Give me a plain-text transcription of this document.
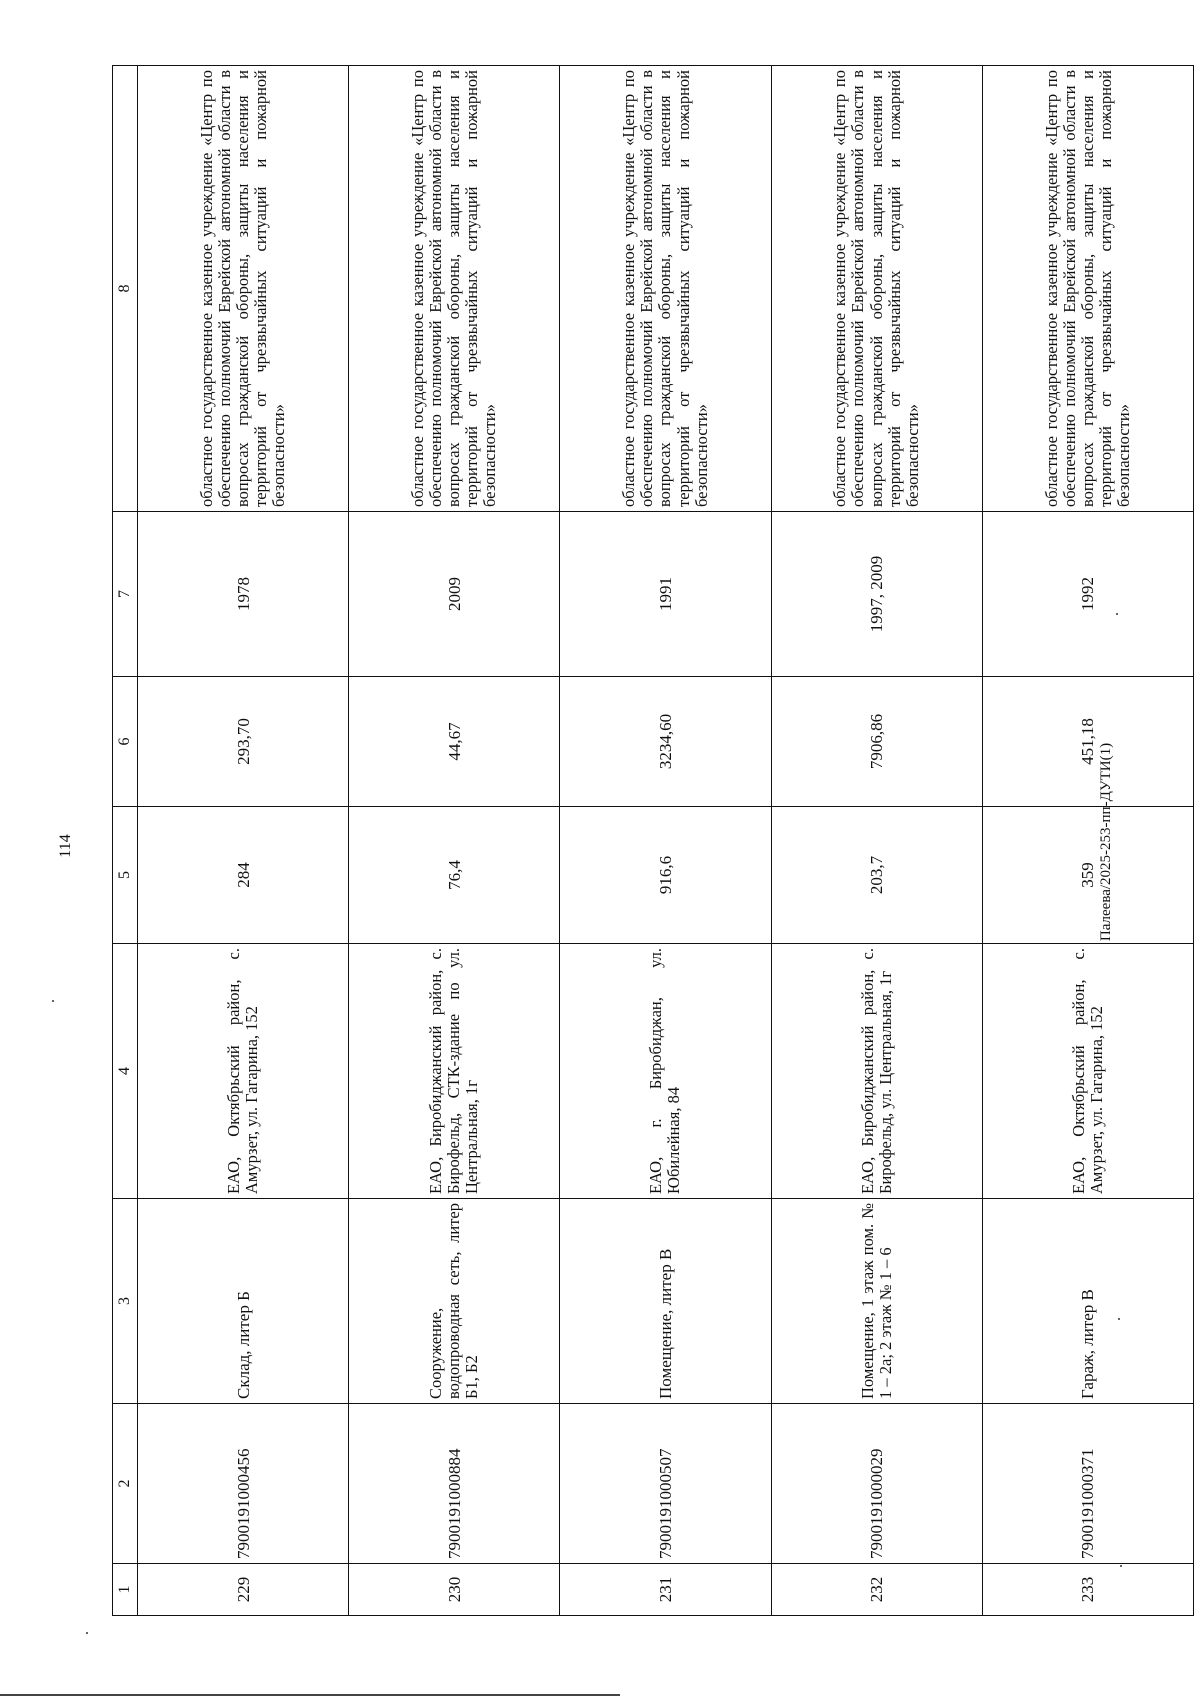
114
1	2	3	4	5	6	7	8
229	7900191000456	Склад, литер Б	ЕАО, Октябрьский район, с. Амурзет, ул. Гагарина, 152	284	293,70	1978	областное государственное казенное учреждение «Центр по обеспечению полномочий Еврейской автономной области в вопросах гражданской обороны, защиты населения и территорий от чрезвычайных ситуаций и пожарной безопасности»
230	7900191000884	Сооружение, водопроводная сеть, литер Б1, Б2	ЕАО, Биробиджанский район, с. Бирофельд, СТК-здание по ул. Центральная, 1г	76,4	44,67	2009	областное государственное казенное учреждение «Центр по обеспечению полномочий Еврейской автономной области в вопросах гражданской обороны, защиты населения и территорий от чрезвычайных ситуаций и пожарной безопасности»
231	7900191000507	Помещение, литер В	ЕАО, г. Биробиджан, ул. Юбилейная, 84	916,6	3234,60	1991	областное государственное казенное учреждение «Центр по обеспечению полномочий Еврейской автономной области в вопросах гражданской обороны, защиты населения и территорий от чрезвычайных ситуаций и пожарной безопасности»
232	7900191000029	Помещение, 1 этаж пом. № 1 – 2а; 2 этаж № 1 – 6	ЕАО, Биробиджанский район, с. Бирофельд, ул. Центральная, 1г	203,7	7906,86	1997, 2009	областное государственное казенное учреждение «Центр по обеспечению полномочий Еврейской автономной области в вопросах гражданской обороны, защиты населения и территорий от чрезвычайных ситуаций и пожарной безопасности»
233	7900191000371	Гараж, литер В	ЕАО, Октябрьский район, с. Амурзет, ул. Гагарина, 152	359	451,18	1992	областное государственное казенное учреждение «Центр по обеспечению полномочий Еврейской автономной области в вопросах гражданской обороны, защиты населения и территорий от чрезвычайных ситуаций и пожарной безопасности»
Палеева/2025-253-пп-ДУТИ(1)
